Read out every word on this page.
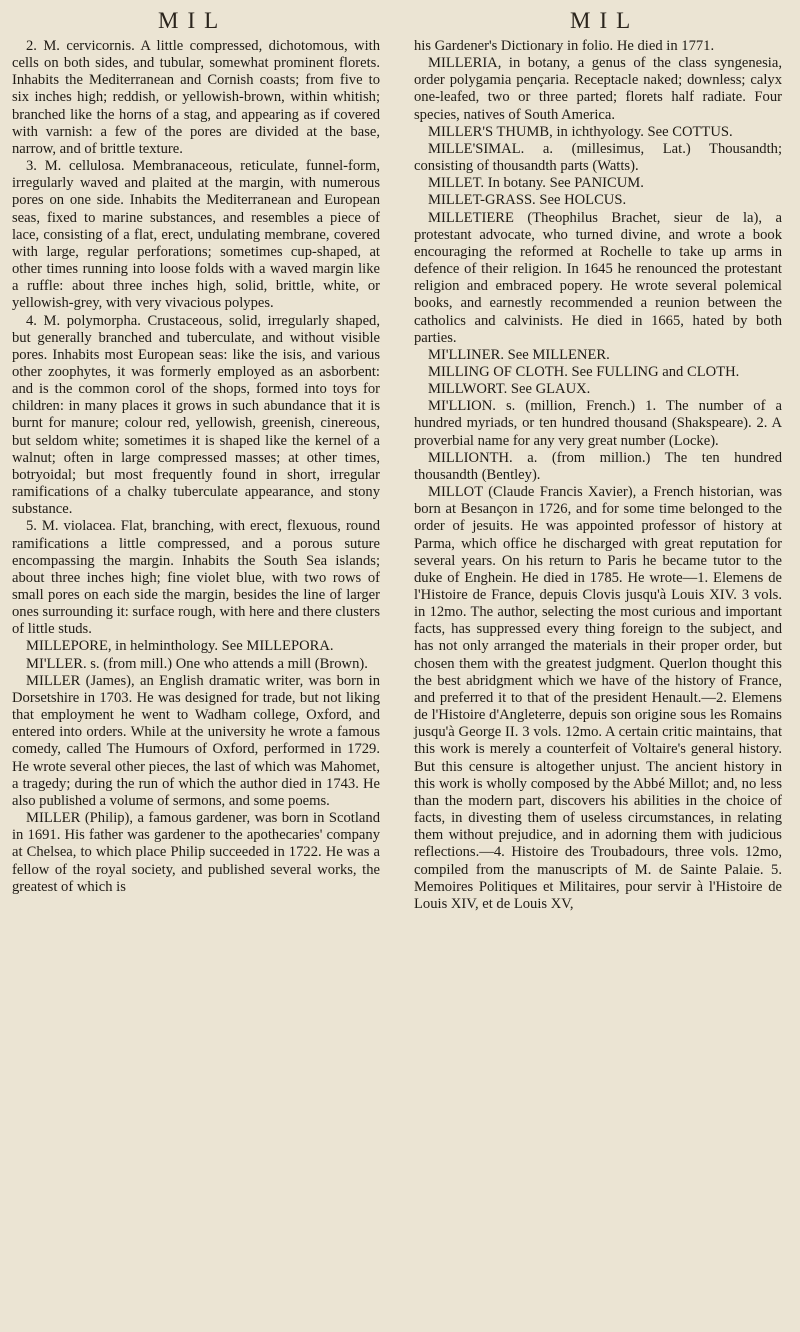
MIL	MIL

2. M. cervicornis. A little compressed, dichotomous, with cells on both sides, and tubular, somewhat prominent florets. Inhabits the Mediterranean and Cornish coasts; from five to six inches high; reddish, or yellowish-brown, within whitish; branched like the horns of a stag, and appearing as if covered with varnish: a few of the pores are divided at the base, narrow, and of brittle texture.

3. M. cellulosa. Membranaceous, reticulate, funnel-form, irregularly waved and plaited at the margin, with numerous pores on one side. Inhabits the Mediterranean and European seas, fixed to marine substances, and resembles a piece of lace, consisting of a flat, erect, undulating membrane, covered with large, regular perforations; sometimes cup-shaped, at other times running into loose folds with a waved margin like a ruffle: about three inches high, solid, brittle, white, or yellowish-grey, with very vivacious polypes.

4. M. polymorpha. Crustaceous, solid, irregularly shaped, but generally branched and tuberculate, and without visible pores. Inhabits most European seas: like the isis, and various other zoophytes, it was formerly employed as an asborbent: and is the common corol of the shops, formed into toys for children: in many places it grows in such abundance that it is burnt for manure; colour red, yellowish, greenish, cinereous, but seldom white; sometimes it is shaped like the kernel of a walnut; often in large compressed masses; at other times, botryoidal; but most frequently found in short, irregular ramifications of a chalky tuberculate appearance, and stony substance.

5. M. violacea. Flat, branching, with erect, flexuous, round ramifications a little compressed, and a porous suture encompassing the margin. Inhabits the South Sea islands; about three inches high; fine violet blue, with two rows of small pores on each side the margin, besides the line of larger ones surrounding it: surface rough, with here and there clusters of little studs.

MILLEPORE, in helminthology. See MILLEPORA.

MI'LLER. s. (from mill.) One who attends a mill (Brown).

MILLER (James), an English dramatic writer, was born in Dorsetshire in 1703. He was designed for trade, but not liking that employment he went to Wadham college, Oxford, and entered into orders. While at the university he wrote a famous comedy, called The Humours of Oxford, performed in 1729. He wrote several other pieces, the last of which was Mahomet, a tragedy; during the run of which the author died in 1743. He also published a volume of sermons, and some poems.

MILLER (Philip), a famous gardener, was born in Scotland in 1691. His father was gardener to the apothecaries' company at Chelsea, to which place Philip succeeded in 1722. He was a fellow of the royal society, and published several works, the greatest of which is

his Gardener's Dictionary in folio. He died in 1771.

MILLERIA, in botany, a genus of the class syngenesia, order polygamia pençaria. Receptacle naked; downless; calyx one-leafed, two or three parted; florets half radiate. Four species, natives of South America.

MILLER'S THUMB, in ichthyology. See COTTUS.

MILLE'SIMAL. a. (millesimus, Lat.) Thousandth; consisting of thousandth parts (Watts).

MILLET. In botany. See PANICUM.

MILLET-GRASS. See HOLCUS.

MILLETIERE (Theophilus Brachet, sieur de la), a protestant advocate, who turned divine, and wrote a book encouraging the reformed at Rochelle to take up arms in defence of their religion. In 1645 he renounced the protestant religion and embraced popery. He wrote several polemical books, and earnestly recommended a reunion between the catholics and calvinists. He died in 1665, hated by both parties.

MI'LLINER. See MILLENER.

MILLING OF CLOTH. See FULLING and CLOTH.

MILLWORT. See GLAUX.

MI'LLION. s. (million, French.) 1. The number of a hundred myriads, or ten hundred thousand (Shakspeare). 2. A proverbial name for any very great number (Locke).

MILLIONTH. a. (from million.) The ten hundred thousandth (Bentley).

MILLOT (Claude Francis Xavier), a French historian, was born at Besançon in 1726, and for some time belonged to the order of jesuits. He was appointed professor of history at Parma, which office he discharged with great reputation for several years. On his return to Paris he became tutor to the duke of Enghein. He died in 1785. He wrote—1. Elemens de l'Histoire de France, depuis Clovis jusqu'à Louis XIV. 3 vols. in 12mo. The author, selecting the most curious and important facts, has suppressed every thing foreign to the subject, and has not only arranged the materials in their proper order, but chosen them with the greatest judgment. Querlon thought this the best abridgment which we have of the history of France, and preferred it to that of the president Henault.—2. Elemens de l'Histoire d'Angleterre, depuis son origine sous les Romains jusqu'à George II. 3 vols. 12mo. A certain critic maintains, that this work is merely a counterfeit of Voltaire's general history. But this censure is altogether unjust. The ancient history in this work is wholly composed by the Abbé Millot; and, no less than the modern part, discovers his abilities in the choice of facts, in divesting them of useless circumstances, in relating them without prejudice, and in adorning them with judicious reflections.—4. Histoire des Troubadours, three vols. 12mo, compiled from the manuscripts of M. de Sainte Palaie. 5. Memoires Politiques et Militaires, pour servir à l'Histoire de Louis XIV, et de Louis XV,
